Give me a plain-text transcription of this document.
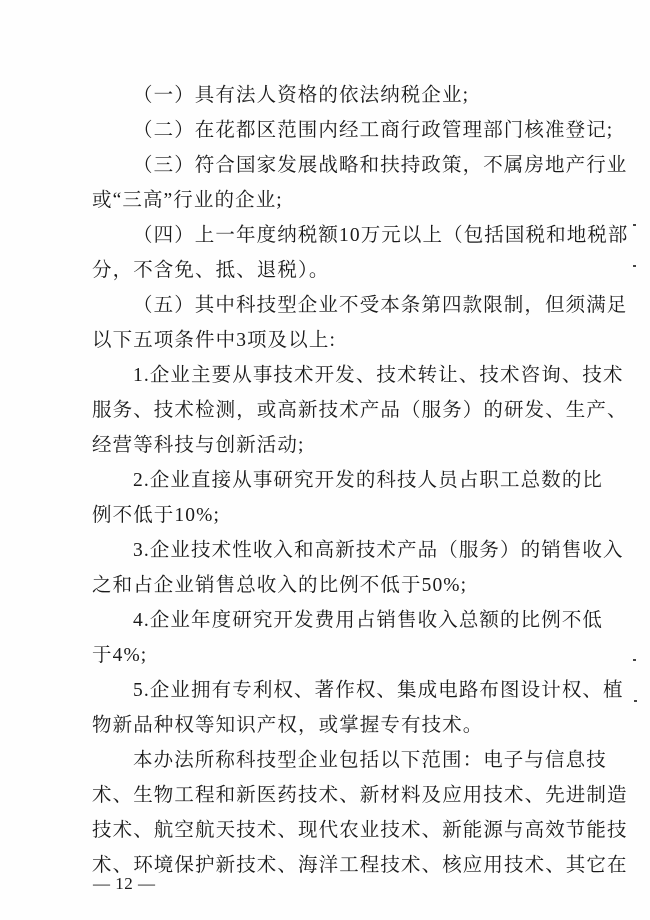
（一）具有法人资格的依法纳税企业;
（二）在花都区范围内经工商行政管理部门核准登记;
（三）符合国家发展战略和扶持政策，不属房地产行业
或“三高”行业的企业;
（四）上一年度纳税额10万元以上（包括国税和地税部
分，不含免、抵、退税）。
（五）其中科技型企业不受本条第四款限制，但须满足
以下五项条件中3项及以上:
1.企业主要从事技术开发、技术转让、技术咨询、技术
服务、技术检测，或高新技术产品（服务）的研发、生产、
经营等科技与创新活动;
2.企业直接从事研究开发的科技人员占职工总数的比
例不低于10%;
3.企业技术性收入和高新技术产品（服务）的销售收入
之和占企业销售总收入的比例不低于50%;
4.企业年度研究开发费用占销售收入总额的比例不低
于4%;
5.企业拥有专利权、著作权、集成电路布图设计权、植
物新品种权等知识产权，或掌握专有技术。
本办法所称科技型企业包括以下范围：电子与信息技
术、生物工程和新医药技术、新材料及应用技术、先进制造
技术、航空航天技术、现代农业技术、新能源与高效节能技
术、环境保护新技术、海洋工程技术、核应用技术、其它在
— 12 —
